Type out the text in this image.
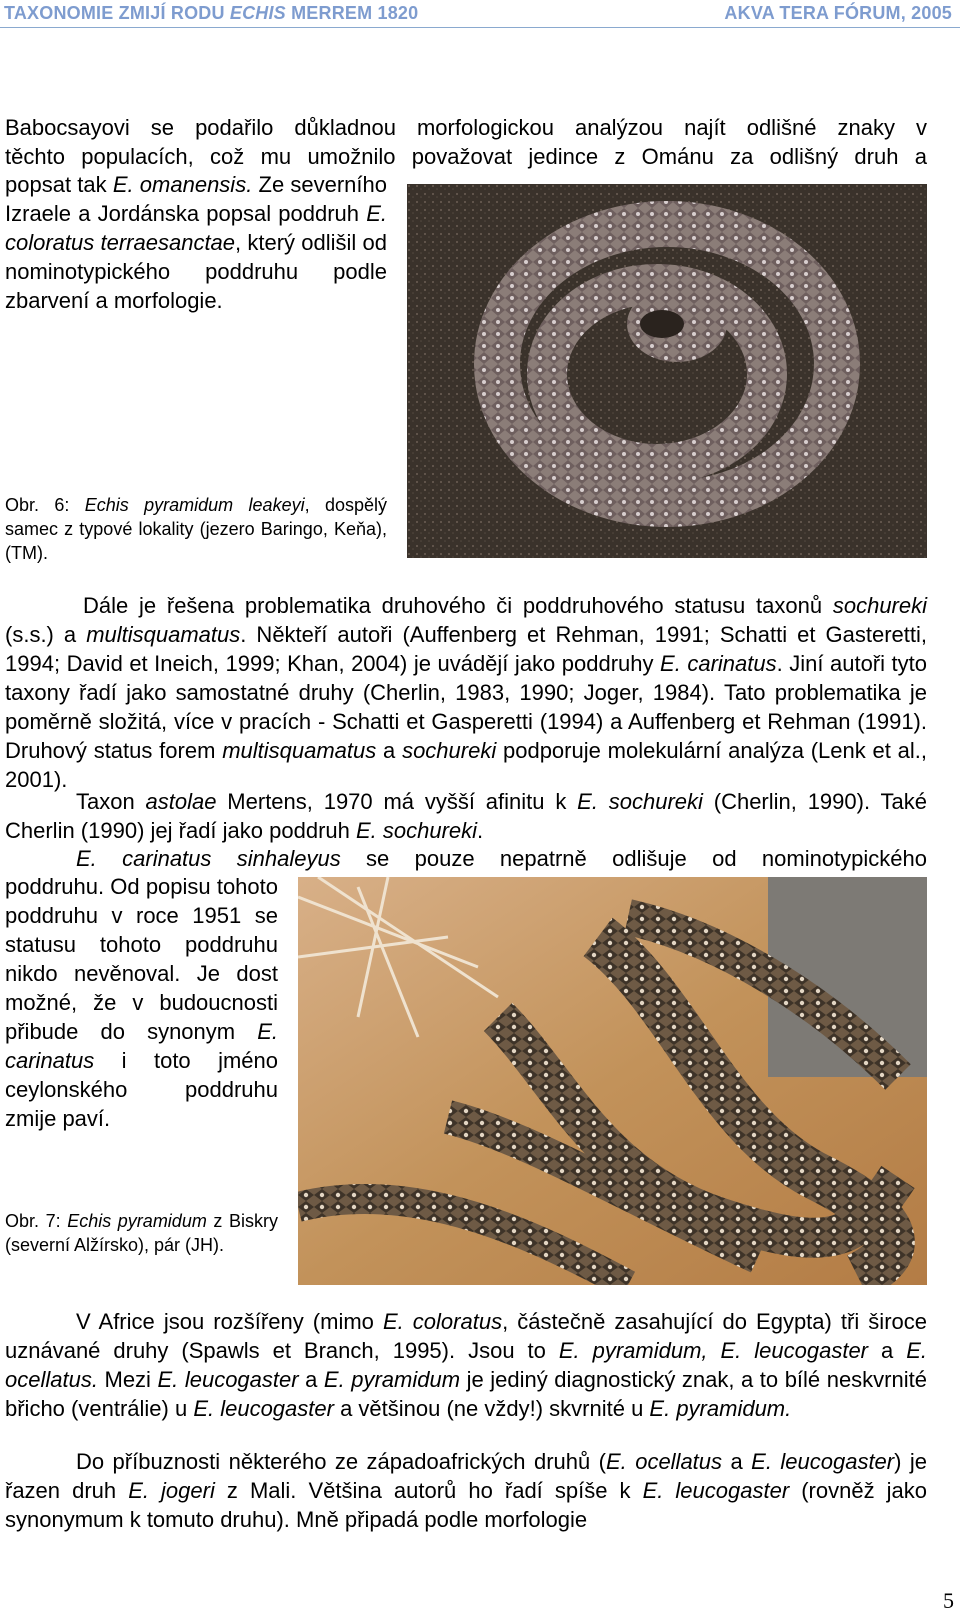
TAXONOMIE ZMIJÍ RODU ECHIS MERREM 1820	AKVA TERA FÓRUM, 2005

Babocsayovi se podařilo důkladnou morfologickou analýzou najít odlišné znaky v

těchto populacích, což mu umožnilo považovat jedince z Ománu za odlišný druh a

popsat tak E. omanensis. Ze severního Izraele a Jordánska popsal poddruh E. coloratus terraesanctae, který odlišil od nominotypického poddruhu podle zbarvení a morfologie.

Obr. 6: Echis pyramidum leakeyi, dospělý samec z typové lokality (jezero Baringo, Keňa), (TM).

Dále je řešena problematika druhového či poddruhového statusu taxonů sochureki (s.s.) a multisquamatus. Někteří autoři (Auffenberg et Rehman, 1991; Schatti et Gasteretti, 1994; David et Ineich, 1999; Khan, 2004) je uvádějí jako poddruhy E. carinatus. Jiní autoři tyto taxony řadí jako samostatné druhy (Cherlin, 1983, 1990; Joger, 1984). Tato problematika je poměrně složitá, více v pracích - Schatti et Gasperetti (1994) a Auffenberg et Rehman (1991). Druhový status forem multisquamatus a sochureki podporuje molekulární analýza (Lenk et al., 2001).

Taxon astolae Mertens, 1970 má vyšší afinitu k E. sochureki (Cherlin, 1990). Také Cherlin (1990) jej řadí jako poddruh E. sochureki.

E. carinatus sinhaleyus se pouze nepatrně odlišuje od nominotypického

poddruhu. Od popisu tohoto poddruhu v roce 1951 se statusu tohoto poddruhu nikdo nevěnoval. Je dost možné, že v budoucnosti přibude do synonym E. carinatus i toto jméno ceylonského poddruhu zmije paví.

Obr. 7: Echis pyramidum z Biskry (severní Alžírsko), pár (JH).

V Africe jsou rozšířeny (mimo E. coloratus, částečně zasahující do Egypta) tři široce uznávané druhy (Spawls et Branch, 1995). Jsou to E. pyramidum, E. leucogaster a E. ocellatus. Mezi E. leucogaster a E. pyramidum je jediný diagnostický znak, a to bílé neskvrnité břicho (ventrálie) u E. leucogaster a většinou (ne vždy!) skvrnité u E. pyramidum.

Do příbuznosti některého ze západoafrických druhů (E. ocellatus a E. leucogaster) je řazen druh E. jogeri z Mali. Většina autorů ho řadí spíše k E. leucogaster (rovněž jako synonymum k tomuto druhu). Mně připadá podle morfologie

5
